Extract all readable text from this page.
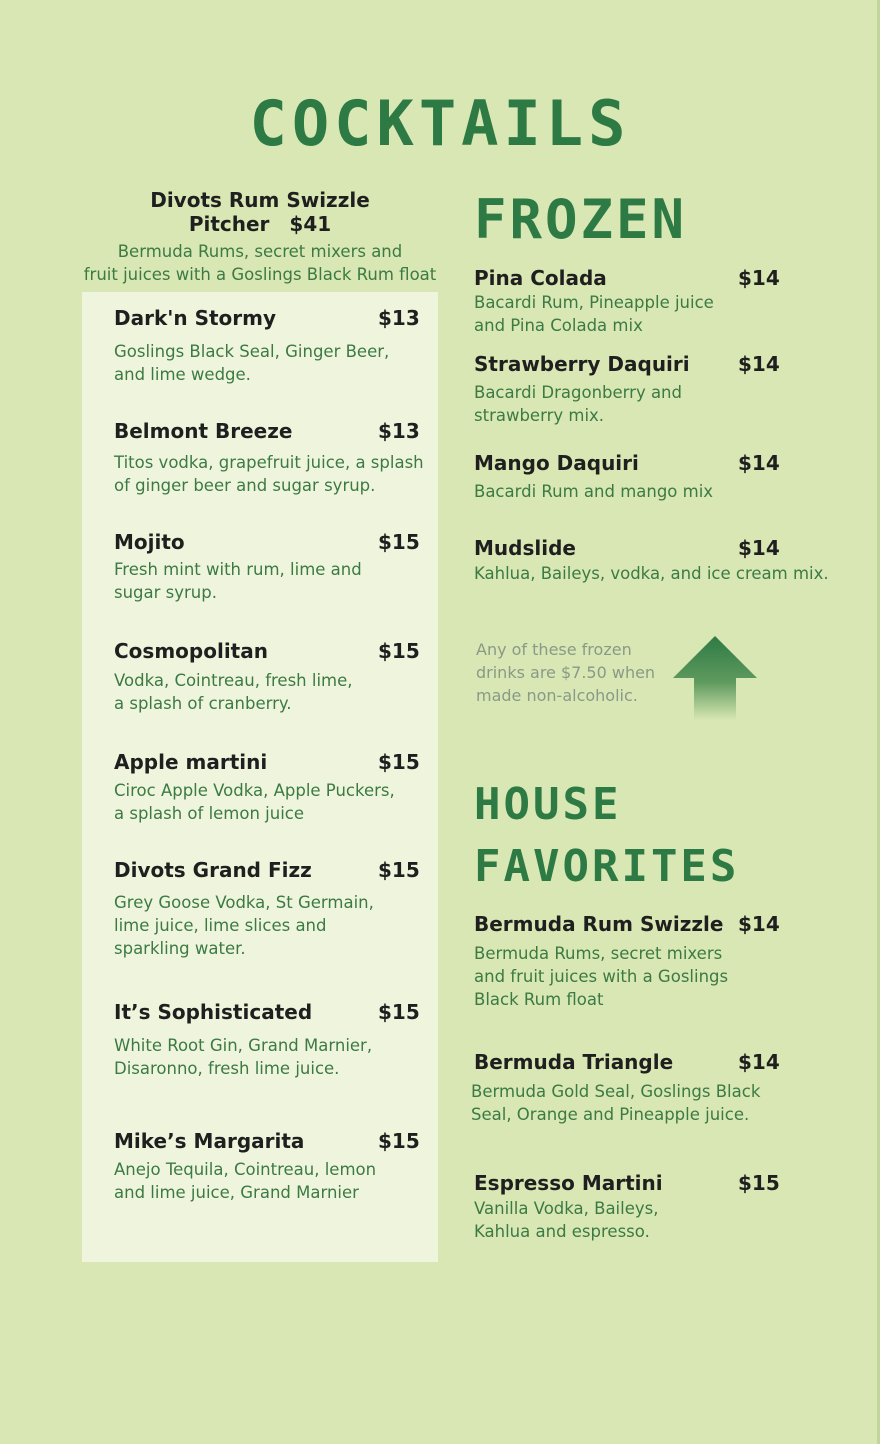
COCKTAILS
Divots Rum Swizzle Pitcher $41
Bermuda Rums, secret mixers and
fruit juices with a Goslings Black Rum float
Dark'n Stormy	$13
Goslings Black Seal, Ginger Beer,
and lime wedge.
Belmont Breeze	$13
Titos vodka, grapefruit juice, a splash
of ginger beer and sugar syrup.
Mojito	$15
Fresh mint with rum, lime and
sugar syrup.
Cosmopolitan	$15
Vodka, Cointreau, fresh lime,
a splash of cranberry.
Apple martini	$15
Ciroc Apple Vodka, Apple Puckers,
a splash of lemon juice
Divots Grand Fizz	$15
Grey Goose Vodka, St Germain,
lime juice, lime slices and
sparkling water.
It’s Sophisticated	$15
White Root Gin, Grand Marnier,
Disaronno, fresh lime juice.
Mike’s Margarita	$15
Anejo Tequila, Cointreau, lemon
and lime juice, Grand Marnier
FROZEN
Pina Colada	$14
Bacardi Rum, Pineapple juice
and Pina Colada mix
Strawberry Daquiri $14
Bacardi Dragonberry and
strawberry mix.
Mango Daquiri	$14
Bacardi Rum and mango mix
Mudslide	$14
Kahlua, Baileys, vodka, and ice cream mix.
Any of these frozen
drinks are $7.50 when
made non-alcoholic.
HOUSE
FAVORITES
Bermuda Rum Swizzle $14
Bermuda Rums, secret mixers
and fruit juices with a Goslings
Black Rum float
Bermuda Triangle	$14
Bermuda Gold Seal, Goslings Black
Seal, Orange and Pineapple juice.
Espresso Martini	$15
Vanilla Vodka, Baileys,
Kahlua and espresso.
